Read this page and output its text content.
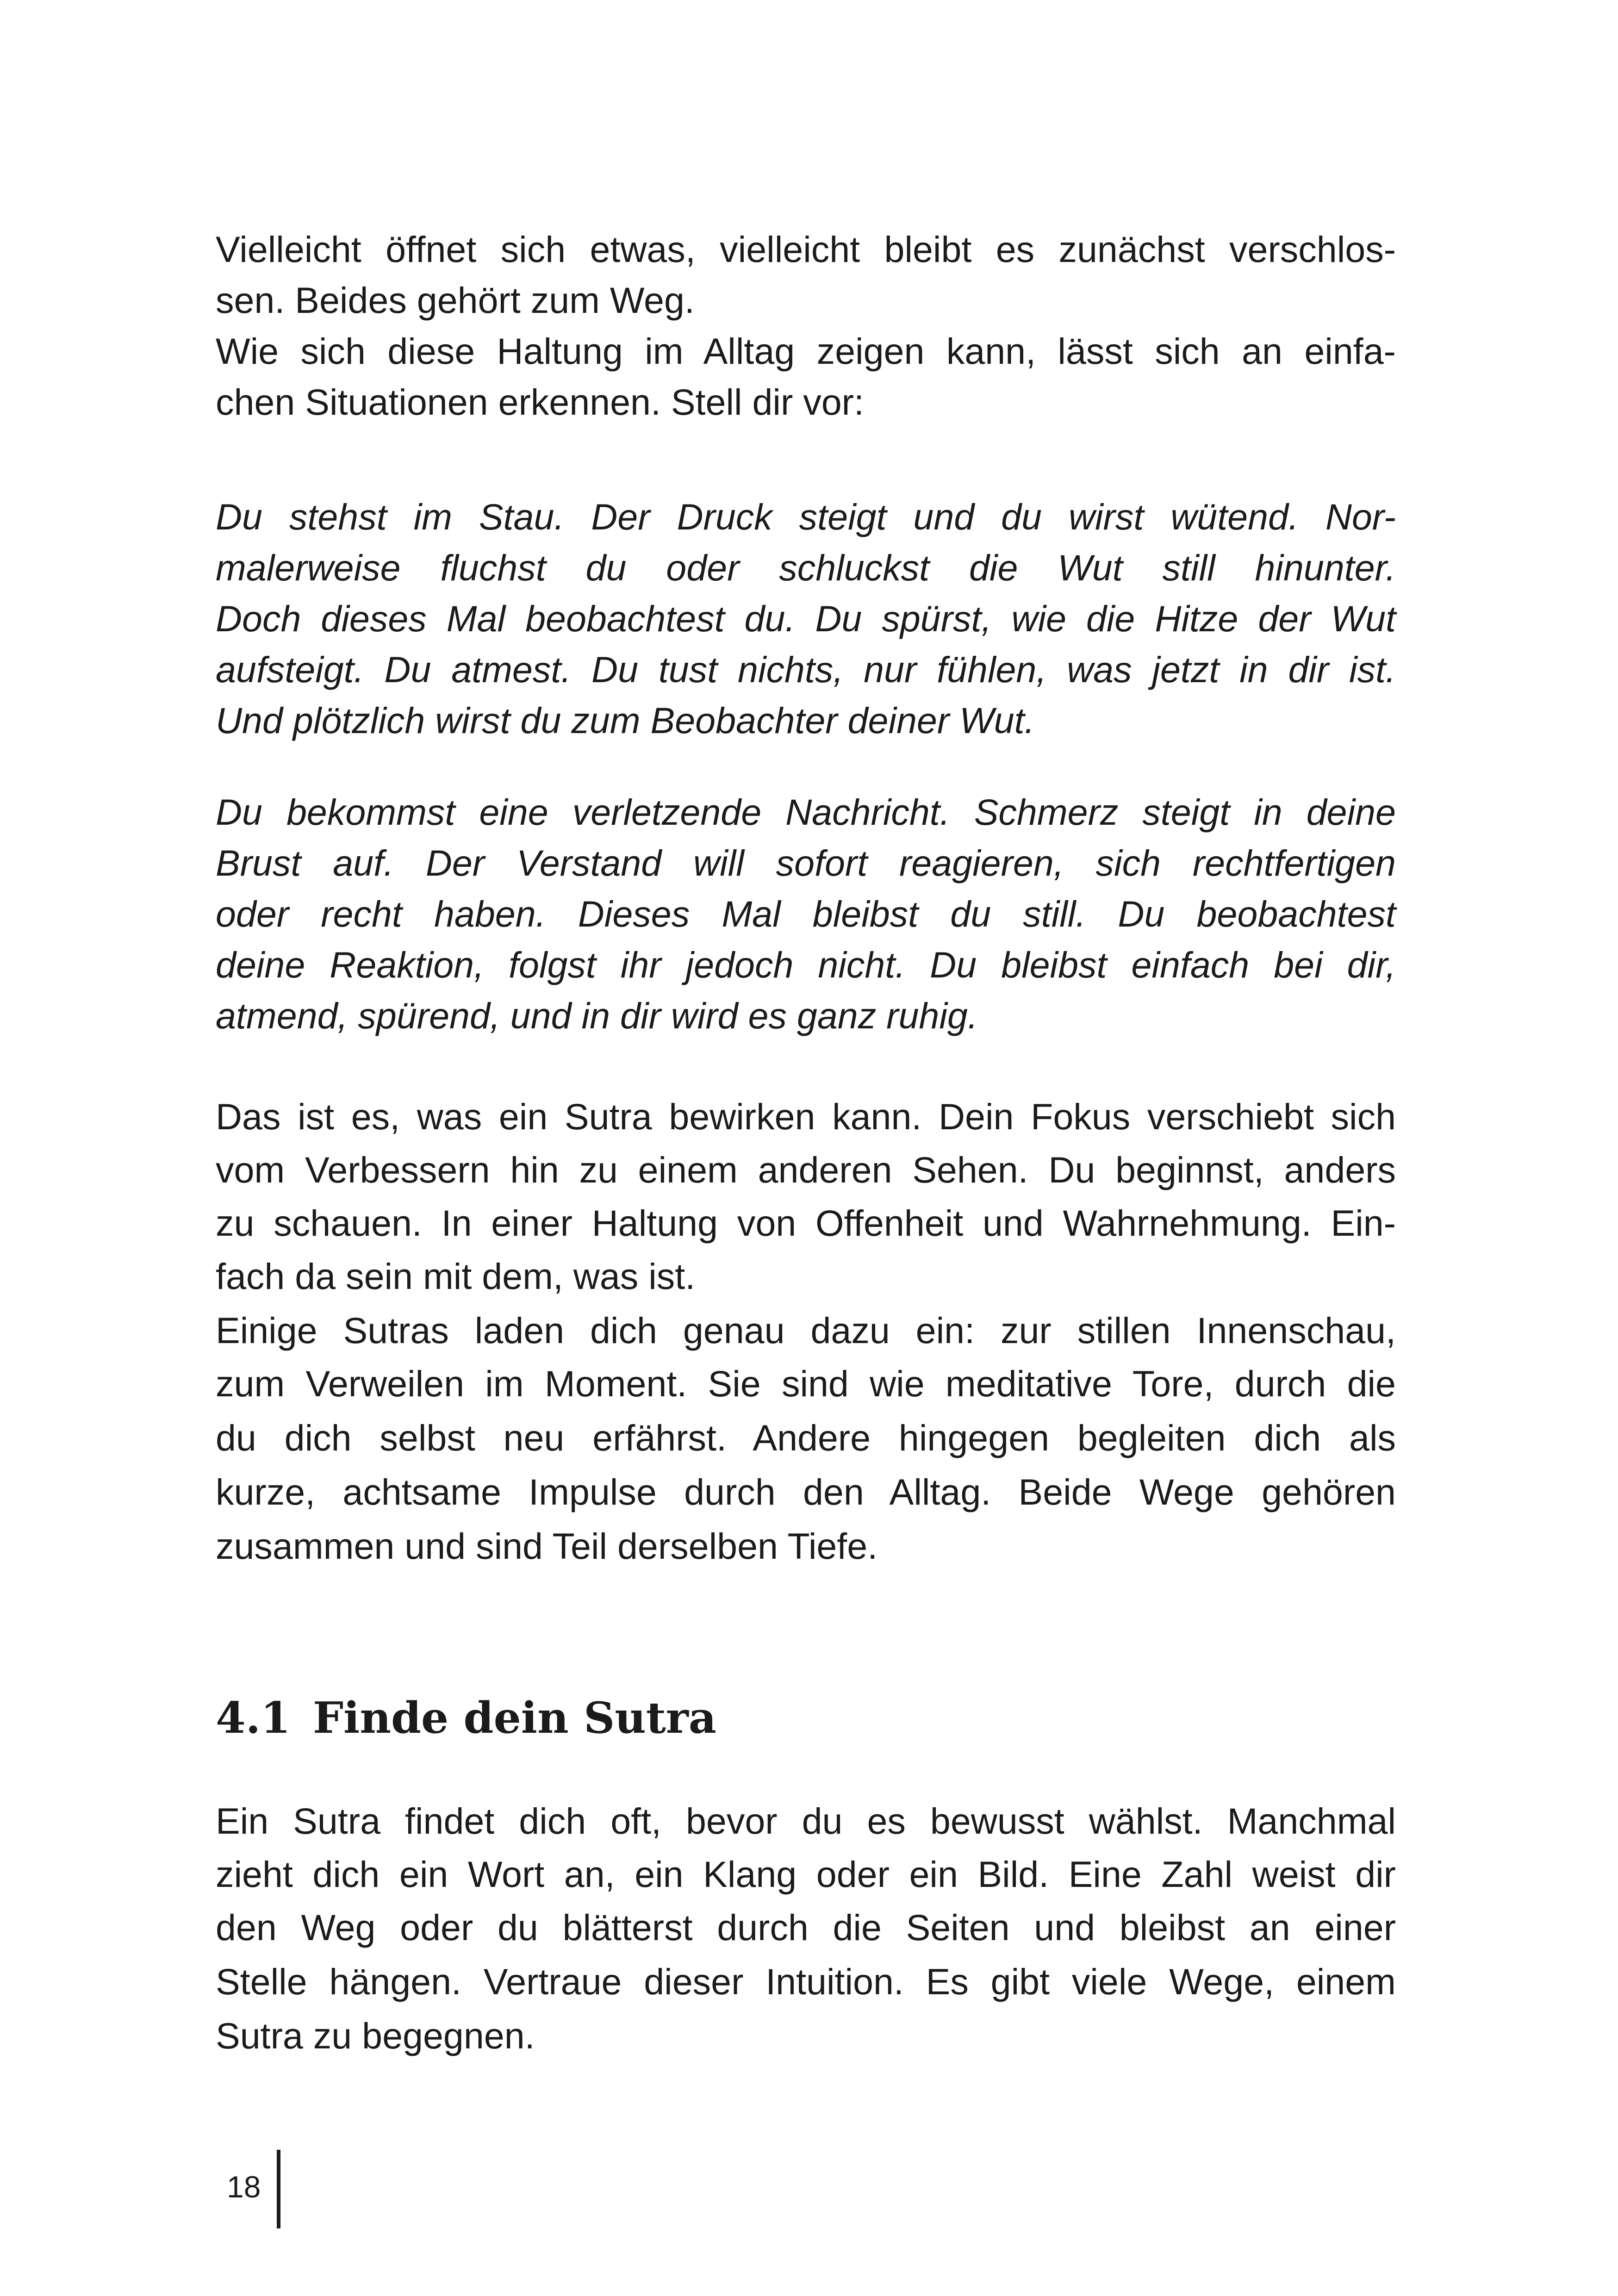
Vielleicht öffnet sich etwas, vielleicht bleibt es zunächst verschlos-
sen. Beides gehört zum Weg.
Wie sich diese Haltung im Alltag zeigen kann, lässt sich an einfa-
chen Situationen erkennen. Stell dir vor:
Du stehst im Stau. Der Druck steigt und du wirst wütend. Nor-
malerweise fluchst du oder schluckst die Wut still hinunter.
Doch dieses Mal beobachtest du. Du spürst, wie die Hitze der Wut
aufsteigt. Du atmest. Du tust nichts, nur fühlen, was jetzt in dir ist.
Und plötzlich wirst du zum Beobachter deiner Wut.
Du bekommst eine verletzende Nachricht. Schmerz steigt in deine
Brust auf. Der Verstand will sofort reagieren, sich rechtfertigen
oder recht haben. Dieses Mal bleibst du still. Du beobachtest
deine Reaktion, folgst ihr jedoch nicht. Du bleibst einfach bei dir,
atmend, spürend, und in dir wird es ganz ruhig.
Das ist es, was ein Sutra bewirken kann. Dein Fokus verschiebt sich
vom Verbessern hin zu einem anderen Sehen. Du beginnst, anders
zu schauen. In einer Haltung von Offenheit und Wahrnehmung. Ein-
fach da sein mit dem, was ist.
Einige Sutras laden dich genau dazu ein: zur stillen Innenschau,
zum Verweilen im Moment. Sie sind wie meditative Tore, durch die
du dich selbst neu erfährst. Andere hingegen begleiten dich als
kurze, achtsame Impulse durch den Alltag. Beide Wege gehören
zusammen und sind Teil derselben Tiefe.
4.1 Finde dein Sutra
Ein Sutra findet dich oft, bevor du es bewusst wählst. Manchmal
zieht dich ein Wort an, ein Klang oder ein Bild. Eine Zahl weist dir
den Weg oder du blätterst durch die Seiten und bleibst an einer
Stelle hängen. Vertraue dieser Intuition. Es gibt viele Wege, einem
Sutra zu begegnen.
18
